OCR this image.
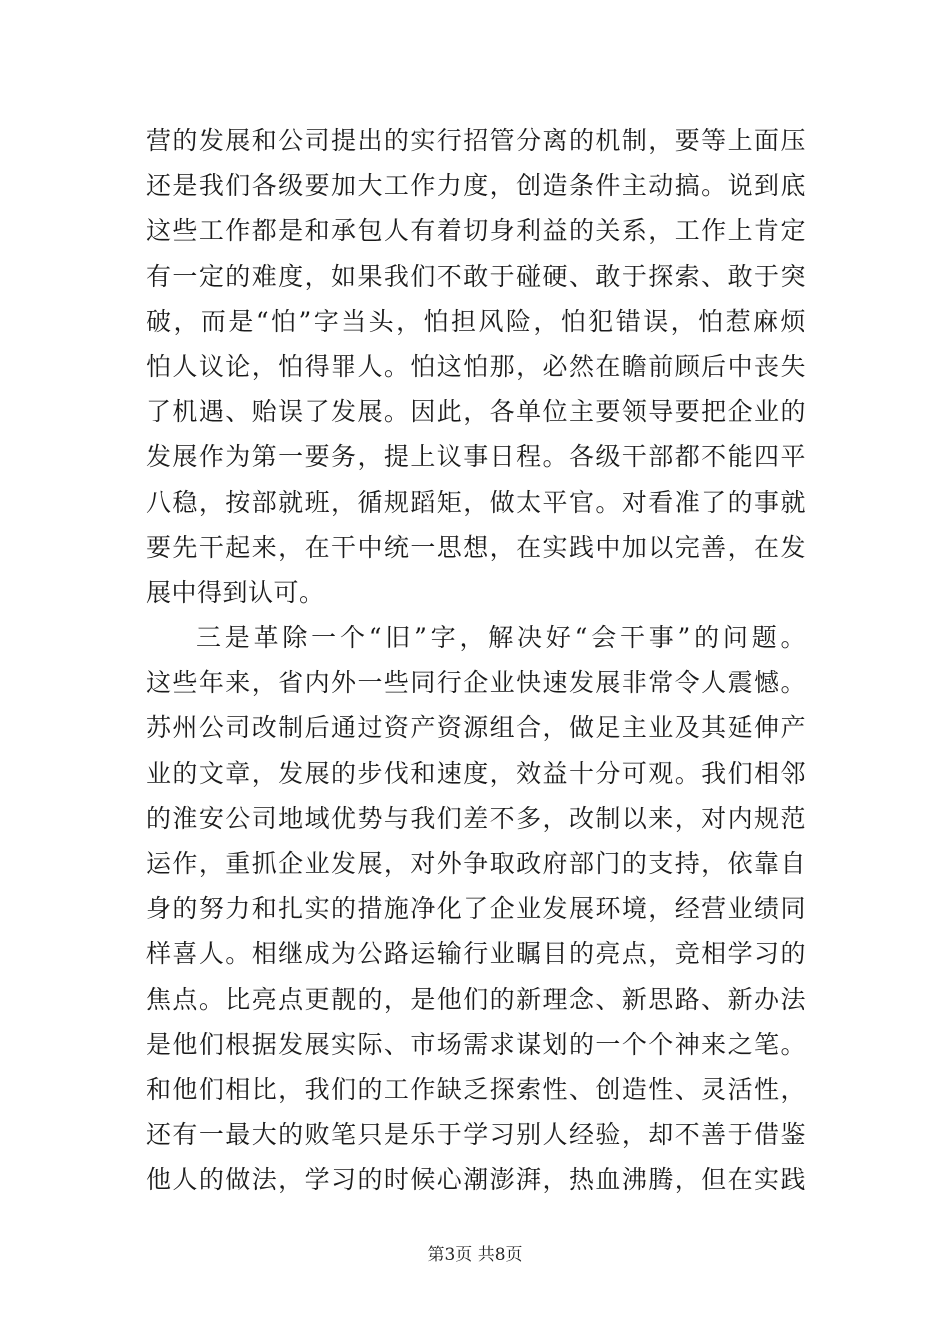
营的发展和公司提出的实行招管分离的机制，要等上面压
还是我们各级要加大工作力度，创造条件主动搞。说到底
这些工作都是和承包人有着切身利益的关系，工作上肯定
有一定的难度，如果我们不敢于碰硬、敢于探索、敢于突
破，而是“怕”字当头，怕担风险，怕犯错误，怕惹麻烦
怕人议论，怕得罪人。怕这怕那，必然在瞻前顾后中丧失
了机遇、贻误了发展。因此，各单位主要领导要把企业的
发展作为第一要务，提上议事日程。各级干部都不能四平
八稳，按部就班，循规蹈矩，做太平官。对看准了的事就
要先干起来，在干中统一思想，在实践中加以完善，在发
展中得到认可。
三是革除一个“旧”字，解决好“会干事”的问题。
这些年来，省内外一些同行企业快速发展非常令人震憾。
苏州公司改制后通过资产资源组合，做足主业及其延伸产
业的文章，发展的步伐和速度，效益十分可观。我们相邻
的淮安公司地域优势与我们差不多，改制以来，对内规范
运作，重抓企业发展，对外争取政府部门的支持，依靠自
身的努力和扎实的措施净化了企业发展环境，经营业绩同
样喜人。相继成为公路运输行业瞩目的亮点，竞相学习的
焦点。比亮点更靓的，是他们的新理念、新思路、新办法
是他们根据发展实际、市场需求谋划的一个个神来之笔。
和他们相比，我们的工作缺乏探索性、创造性、灵活性，
还有一最大的败笔只是乐于学习别人经验，却不善于借鉴
他人的做法，学习的时候心潮澎湃，热血沸腾，但在实践
第3页 共8页
